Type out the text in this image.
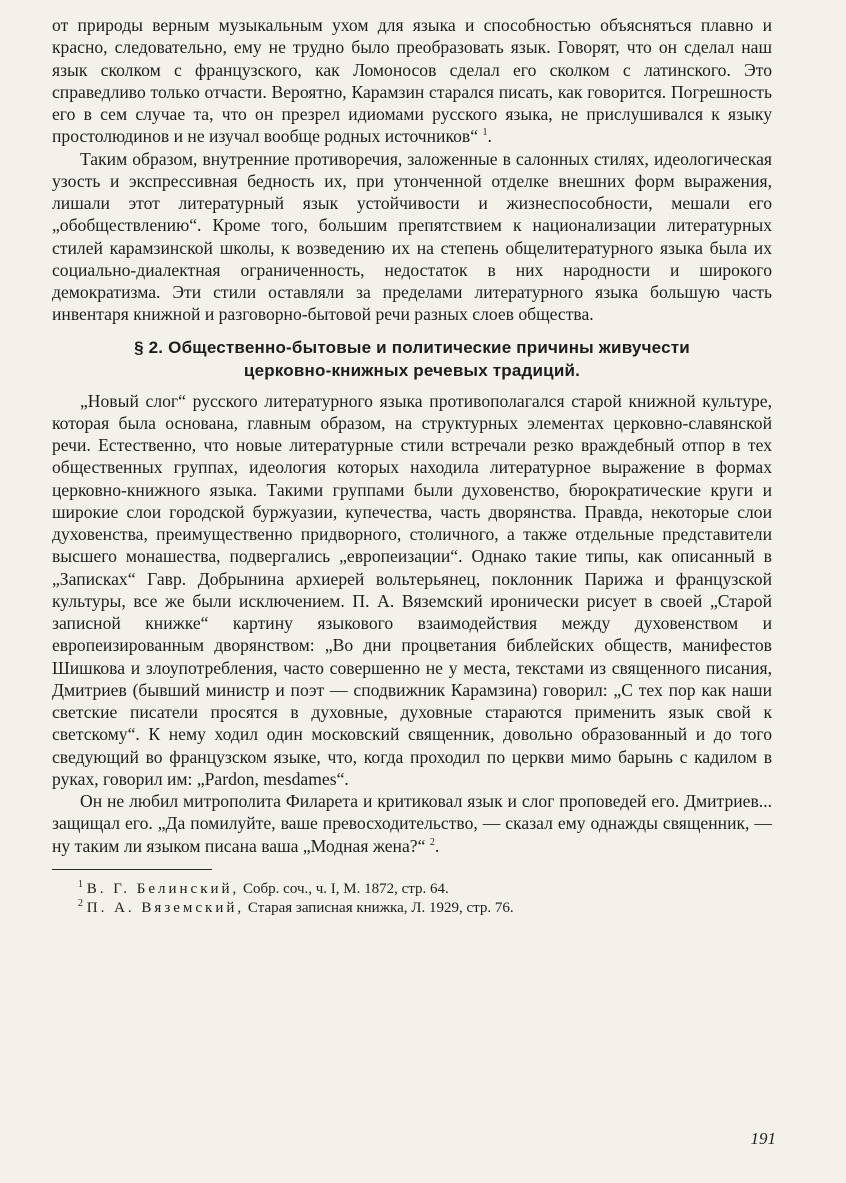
от природы верным музыкальным ухом для языка и способностью объясняться плавно и красно, следовательно, ему не трудно было преобразовать язык. Говорят, что он сделал наш язык сколком с французского, как Ломоносов сделал его сколком с латинского. Это справедливо только отчасти. Вероятно, Карамзин старался писать, как говорится. Погрешность его в сем случае та, что он презрел идиомами русского языка, не прислушивался к языку простолюдинов и не изучал вообще родных источников“ $^1$.

Таким образом, внутренние противоречия, заложенные в салонных стилях, идеологическая узость и экспрессивная бедность их, при утонченной отделке внешних форм выражения, лишали этот литературный язык устойчивости и жизнеспособности, мешали его „обобществлению“. Кроме того, большим препятствием к национализации литературных стилей карамзинской школы, к возведению их на степень общелитературного языка была их социально-диалектная ограниченность, недостаток в них народности и широкого демократизма. Эти стили оставляли за пределами литературного языка большую часть инвентаря книжной и разговорно-бытовой речи разных слоев общества.

§ 2. Общественно-бытовые и политические причины живучести
церковно-книжных речевых традиций.

„Новый слог“ русского литературного языка противополагался старой книжной культуре, которая была основана, главным образом, на структурных элементах церковно-славянской речи. Естественно, что новые литературные стили встречали резко враждебный отпор в тех общественных группах, идеология которых находила литературное выражение в формах церковно-книжного языка. Такими группами были духовенство, бюрократические круги и широкие слои городской буржуазии, купечества, часть дворянства. Правда, некоторые слои духовенства, преимущественно придворного, столичного, а также отдельные представители высшего монашества, подвергались „европеизации“. Однако такие типы, как описанный в „Записках“ Гавр. Добрынина архиерей вольтерьянец, поклонник Парижа и французской культуры, все же были исключением. П. А. Вяземский иронически рисует в своей „Старой записной книжке“ картину языкового взаимодействия между духовенством и европеизированным дворянством: „Во дни процветания библейских обществ, манифестов Шишкова и злоупотребления, часто совершенно не у места, текстами из священного писания, Дмитриев (бывший министр и поэт — сподвижник Карамзина) говорил: „С тех пор как наши светские писатели просятся в духовные, духовные стараются применить язык свой к светскому“. К нему ходил один московский священник, довольно образованный и до того сведующий во французском языке, что, когда проходил по церкви мимо барынь с кадилом в руках, говорил им: „Pardon, mesdames“.

Он не любил митрополита Филарета и критиковал язык и слог проповедей его. Дмитриев... защищал его. „Да помилуйте, ваше превосходительство, — сказал ему однажды священник, — ну таким ли языком писана ваша „Модная жена?“ $^2$.

$^1$ В. Г. Белинский, Собр. соч., ч. I, М. 1872, стр. 64.

$^2$ П. А. Вяземский, Старая записная книжка, Л. 1929, стр. 76.

191
